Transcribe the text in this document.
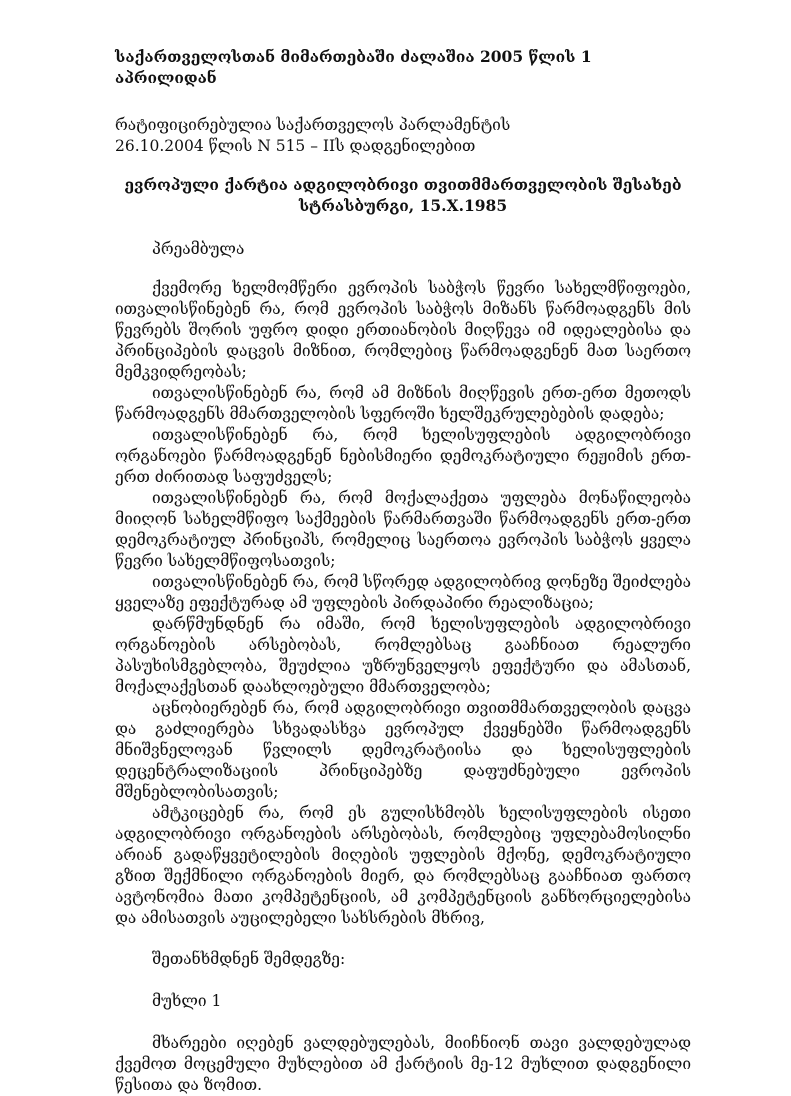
საქართველოსთან მიმართებაში ძალაშია 2005 წლის 1 აპრილიდან

რატიფიცირებულია საქართველოს პარლამენტის

26.10.2004 წლის N 515 – IIს დადგენილებით

ევროპული ქარტია ადგილობრივი თვითმმართველობის შესახებ

სტრასბურგი, 15.X.1985

პრეამბულა

ქვემორე ხელმომწერი ევროპის საბჭოს წევრი სახელმწიფოები, ითვალისწინებენ რა, რომ ევროპის საბჭოს მიზანს წარმოადგენს მის წევრებს შორის უფრო დიდი ერთიანობის მიღწევა იმ იდეალებისა და პრინციპების დაცვის მიზნით, რომლებიც წარმოადგენენ მათ საერთო მემკვიდრეობას;

ითვალისწინებენ რა, რომ ამ მიზნის მიღწევის ერთ-ერთ მეთოდს წარმოადგენს მმართველობის სფეროში ხელშეკრულებების დადება;

ითვალისწინებენ რა, რომ ხელისუფლების ადგილობრივი ორგანოები წარმოადგენენ ნებისმიერი დემოკრატიული რეჟიმის ერთ-ერთ ძირითად საფუძველს;

ითვალისწინებენ რა, რომ მოქალაქეთა უფლება მონაწილეობა მიიღონ სახელმწიფო საქმეების წარმართვაში წარმოადგენს ერთ-ერთ დემოკრატიულ პრინციპს, რომელიც საერთოა ევროპის საბჭოს ყველა წევრი სახელმწიფოსათვის;

ითვალისწინებენ რა, რომ სწორედ ადგილობრივ დონეზე შეიძლება ყველაზე ეფექტურად ამ უფლების პირდაპირი რეალიზაცია;

დარწმუნდნენ რა იმაში, რომ ხელისუფლების ადგილობრივი ორგანოების არსებობას, რომლებსაც გააჩნიათ რეალური პასუხისმგებლობა, შეუძლია უზრუნველყოს ეფექტური და ამასთან, მოქალაქესთან დაახლოებული მმართველობა;

აცნობიერებენ რა, რომ ადგილობრივი თვითმმართველობის დაცვა და გაძლიერება სხვადასხვა ევროპულ ქვეყნებში წარმოადგენს მნიშვნელოვან წვლილს დემოკრატიისა და ხელისუფლების დეცენტრალიზაციის პრინციპებზე დაფუძნებული ევროპის მშენებლობისათვის;

ამტკიცებენ რა, რომ ეს გულისხმობს ხელისუფლების ისეთი ადგილობრივი ორგანოების არსებობას, რომლებიც უფლებამოსილნი არიან გადაწყვეტილების მიღების უფლების მქონე, დემოკრატიული გზით შექმნილი ორგანოების მიერ, და რომლებსაც გააჩნიათ ფართო ავტონომია მათი კომპეტენციის, ამ კომპეტენციის განხორციელებისა და ამისათვის აუცილებელი სახსრების მხრივ,

შეთანხმდნენ შემდეგზე:

მუხლი 1

მხარეები იღებენ ვალდებულებას, მიიჩნიონ თავი ვალდებულად ქვემოთ მოცემული მუხლებით ამ ქარტიის მე-12 მუხლით დადგენილი წესითა და ზომით.
